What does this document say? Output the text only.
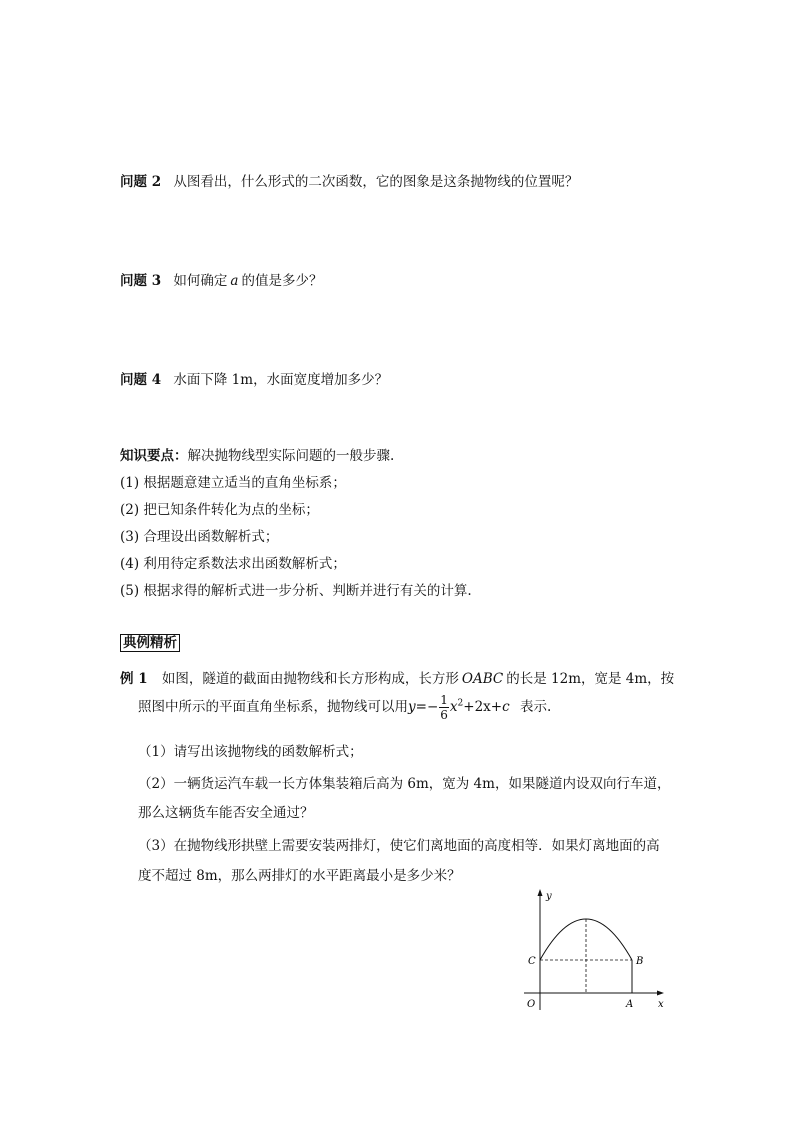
问题 2 从图看出，什么形式的二次函数，它的图象是这条抛物线的位置呢？
问题 3 如何确定 a 的值是多少？
问题 4 水面下降 1m，水面宽度增加多少？
知识要点：解决抛物线型实际问题的一般步骤.
(1) 根据题意建立适当的直角坐标系；
(2) 把已知条件转化为点的坐标；
(3) 合理设出函数解析式；
(4) 利用待定系数法求出函数解析式；
(5) 根据求得的解析式进一步分析、判断并进行有关的计算.
典例精析
例 1 如图，隧道的截面由抛物线和长方形构成，长方形 OABC 的长是 12m，宽是 4m，按
照图中所示的平面直角坐标系，抛物线可以用$y=- \frac{1}{6} x^2+2x+c$ 表示.
（1）请写出该抛物线的函数解析式；
（2）一辆货运汽车载一长方体集装箱后高为 6m，宽为 4m，如果隧道内设双向行车道，
那么这辆货车能否安全通过？
（3）在抛物线形拱壁上需要安装两排灯，使它们离地面的高度相等．如果灯离地面的高
度不超过 8m，那么两排灯的水平距离最小是多少米？
y
x
O	A
B
C
